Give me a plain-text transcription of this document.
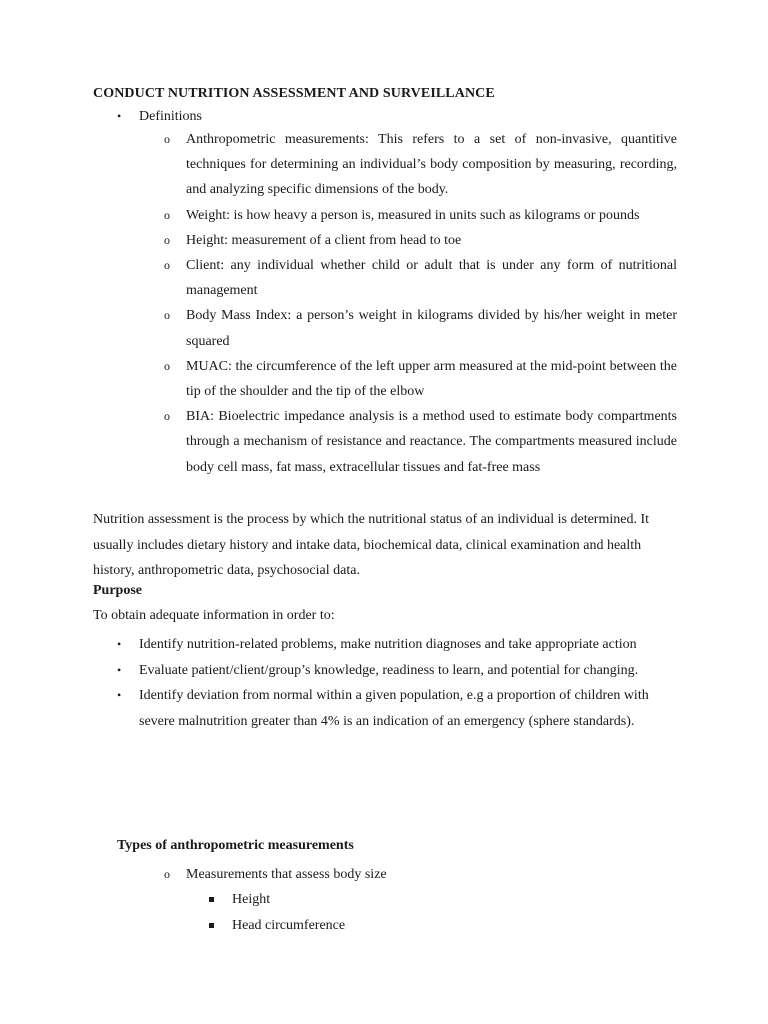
CONDUCT NUTRITION ASSESSMENT AND SURVEILLANCE
• Definitions
o Anthropometric measurements: This refers to a set of non-invasive, quantitive techniques for determining an individual’s body composition by measuring, recording, and analyzing specific dimensions of the body.
o Weight: is how heavy a person is, measured in units such as kilograms or pounds
o Height: measurement of a client from head to toe
o Client: any individual whether child or adult that is under any form of nutritional management
o Body Mass Index: a person’s weight in kilograms divided by his/her weight in meter squared
o MUAC: the circumference of the left upper arm measured at the mid-point between the tip of the shoulder and the tip of the elbow
o BIA: Bioelectric impedance analysis is a method used to estimate body compartments through a mechanism of resistance and reactance. The compartments measured include body cell mass, fat mass, extracellular tissues and fat-free mass

Nutrition assessment is the process by which the nutritional status of an individual is determined. It usually includes dietary history and intake data, biochemical data, clinical examination and health history, anthropometric data, psychosocial data.

Purpose
To obtain adequate information in order to:
• Identify nutrition-related problems, make nutrition diagnoses and take appropriate action
• Evaluate patient/client/group’s knowledge, readiness to learn, and potential for changing.
• Identify deviation from normal within a given population, e.g a proportion of children with severe malnutrition greater than 4% is an indication of an emergency (sphere standards).
Types of anthropometric measurements
o Measurements that assess body size
Height
Head circumference
